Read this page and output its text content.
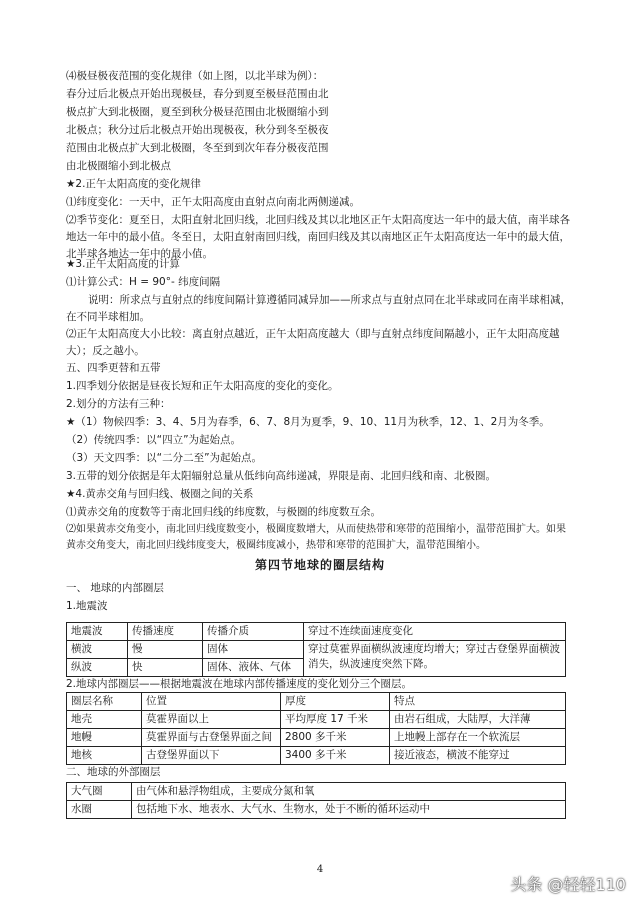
⑷极昼极夜范围的变化规律（如上图，以北半球为例）：
春分过后北极点开始出现极昼，春分到夏至极昼范围由北
极点扩大到北极圈，夏至到秋分极昼范围由北极圈缩小到
北极点；秋分过后北极点开始出现极夜，秋分到冬至极夜
范围由北极点扩大到北极圈，冬至到到次年春分极夜范围
由北极圈缩小到北极点
★2.正午太阳高度的变化规律
⑴纬度变化：一天中，正午太阳高度由直射点向南北两侧递减。
⑵季节变化：夏至日，太阳直射北回归线，北回归线及其以北地区正午太阳高度达一年中的最大值，南半球各地达一年中的最小值。冬至日，太阳直射南回归线，南回归线及其以南地区正午太阳高度达一年中的最大值，北半球各地达一年中的最小值。
★3.正午太阳高度的计算
⑴计算公式：H = 90°- 纬度间隔
说明：所求点与直射点的纬度间隔计算遵循同减异加——所求点与直射点同在北半球或同在南半球相减，在不同半球相加。
⑵正午太阳高度大小比较：离直射点越近，正午太阳高度越大（即与直射点纬度间隔越小，正午太阳高度越大）；反之越小。
五、四季更替和五带
1.四季划分依据是昼夜长短和正午太阳高度的变化的变化。
2.划分的方法有三种：
★（1）物候四季：3、4、5月为春季，6、7、8月为夏季，9、10、11月为秋季，12、1、2月为冬季。
（2）传统四季：以“四立”为起始点。
（3）天文四季：以“二分二至”为起始点。
3.五带的划分依据是年太阳辐射总量从低纬向高纬递减，界限是南、北回归线和南、北极圈。
★4.黄赤交角与回归线、极圈之间的关系
⑴黄赤交角的度数等于南北回归线的纬度数，与极圈的纬度数互余。
⑵如果黄赤交角变小，南北回归线度数变小，极圈度数增大，从而使热带和寒带的范围缩小，温带范围扩大。如果黄赤交角变大，南北回归线纬度变大，极圈纬度减小，热带和寒带的范围扩大，温带范围缩小。
第四节地球的圈层结构
一、 地球的内部圈层
1.地震波
地震波	传播速度	传播介质	穿过不连续面速度变化
横波	慢	固体	穿过莫霍界面横纵波速度均增大；穿过古登堡界面横波消失，纵波速度突然下降。
纵波	快	固体、液体、气体	
2.地球内部圈层——根据地震波在地球内部传播速度的变化划分三个圈层。
圈层名称	位置	厚度	特点
地壳	莫霍界面以上	平均厚度 17 千米	由岩石组成，大陆厚，大洋薄
地幔	莫霍界面与古登堡界面之间	2800 多千米	上地幔上部存在一个软流层
地核	古登堡界面以下	3400 多千米	接近液态，横波不能穿过
二、地球的外部圈层
大气圈	由气体和悬浮物组成，主要成分氮和氧
水圈	包括地下水、地表水、大气水、生物水，处于不断的循环运动中
4
头条 @轻轻110
